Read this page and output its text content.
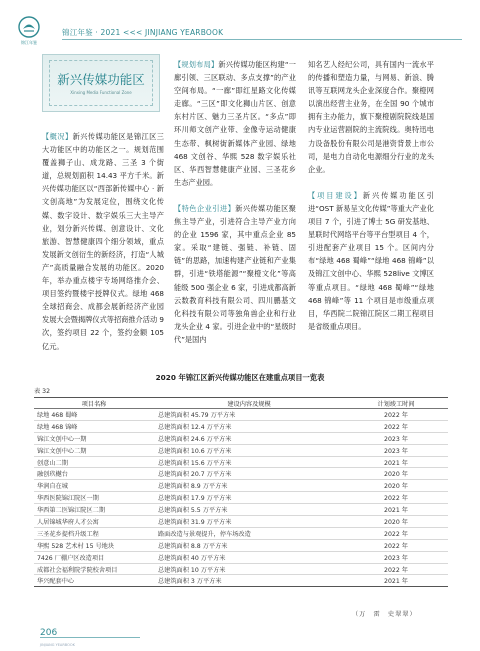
锦江年鉴
锦江年鉴 · 2021 <<< JINJIANG YEARBOOK
新兴传媒功能区
Xinxing Media Functional Zone

【概况】新兴传媒功能区是锦江区三大功能区中的功能区之一。规划范围覆盖狮子山、成龙路、三圣 3 个街道，总规划面积 14.43 平方千米。新兴传媒功能区以“西部新传媒中心 · 新文创高地”为发展定位，围绕文化传媒、数字设计、数字娱乐三大主导产业，划分新兴传媒、创意设计、文化旅游、智慧健康四个细分领域，重点发展新文创衍生的新经济，打造“人城产”高质量融合发展的功能区。2020 年，举办重点楼宇专场网络推介会、项目签约暨楼宇授牌仪式。绿地 468 全球招商会、成都会展新经济产业园发展大会暨揭牌仪式等招商推介活动 9 次，签约项目 22 个，签约金额 105 亿元。

【规划布局】新兴传媒功能区构建“一廊引领、三区联动、多点支撑”的产业空间布局。“一廊”即红星路文化传媒走廊。“三区”即文化狮山片区、创意东村片区、魅力三圣片区。“多点”即环川师文创产业带、金像寺运动健康生态带、枫树街新媒体产业园、绿地 468 文创谷、华熙 528 数字娱乐社区、华西智慧健康产业园、三圣花乡生态产业园。

【特色企业引进】新兴传媒功能区聚焦主导产业，引进符合主导产业方向的企业 1596 家，其中重点企业 85 家。采取“建链、强链、补链、固链”的思路，加速构建产业链和产业集群，引进“铁塔能源”“聚橙文化”等高能级 500 强企业 6 家，引进成都高新云数教育科技有限公司、四川鹏基文化科技有限公司等独角兽企业和行业龙头企业 4 家。引进企业中的“星级时代”是国内

知名艺人经纪公司，具有国内一流水平的传播和塑造力量，与网易、新浪、腾讯等互联网龙头企业深度合作。聚橙网以演出经营主业务，在全国 90 个城市拥有主办能力，旗下聚橙剧院院线是国内专业运营剧院的主流院线。奥特迅电力设备股份有限公司是港资背景上市公司，是电力自动化电源细分行业的龙头企业。

【项目建设】新兴传媒功能区引进“OST 新易呈文化传媒”等重大产业化项目 7 个，引进了博士 5G 研发基地、星联时代网络平台等平台型项目 4 个，引进配套产业项目 15 个。区间内分布“绿地 468 蜀峰”“绿地 468 锦峰”以及锦江文创中心、华熙 528live 文博区等重点项目。“绿地 468 蜀峰”“绿地 468 锦峰”等 11 个项目是市级重点项目，华西院二院锦江院区二期工程项目是省级重点项目。

2020 年锦江区新兴传媒功能区在建重点项目一览表
表 32
项目名称	建设内容及规模	计划竣工时间
绿地 468 蜀峰	总建筑面积 45.79 万平方米	2022 年
绿地 468 锦峰	总建筑面积 12.4 万平方米	2022 年
锦江文创中心一期	总建筑面积 24.6 万平方米	2023 年
锦江文创中心二期	总建筑面积 10.6 万平方米	2023 年
创意山二期	总建筑面积 15.6 万平方米	2021 年
融创玖樾台	总建筑面积 20.7 万平方米	2020 年
华润自在城	总建筑面积 8.9 万平方米	2020 年
华西医院锦江院区一期	总建筑面积 17.9 万平方米	2022 年
华西第二医锦江院区二期	总建筑面积 5.5 万平方米	2021 年
人居锦城华府人才公寓	总建筑面积 31.9 万平方米	2020 年
三圣花乡提档升级工程	路面改造与景观提升，停车场改造	2022 年
华熙 528 艺术村 15 号地块	总建筑面积 8.8 万平方米	2022 年
7426 厂棚户区改造项目	总建筑面积 40 万平方米	2023 年
成都社会福利院学院校舍项目	总建筑面积 10 万平方米	2022 年
华兴配套中心	总建筑面积 3 万平方米	2021 年
（万　雷　史翠翠）
206
JINJIANG YEARBOOK
